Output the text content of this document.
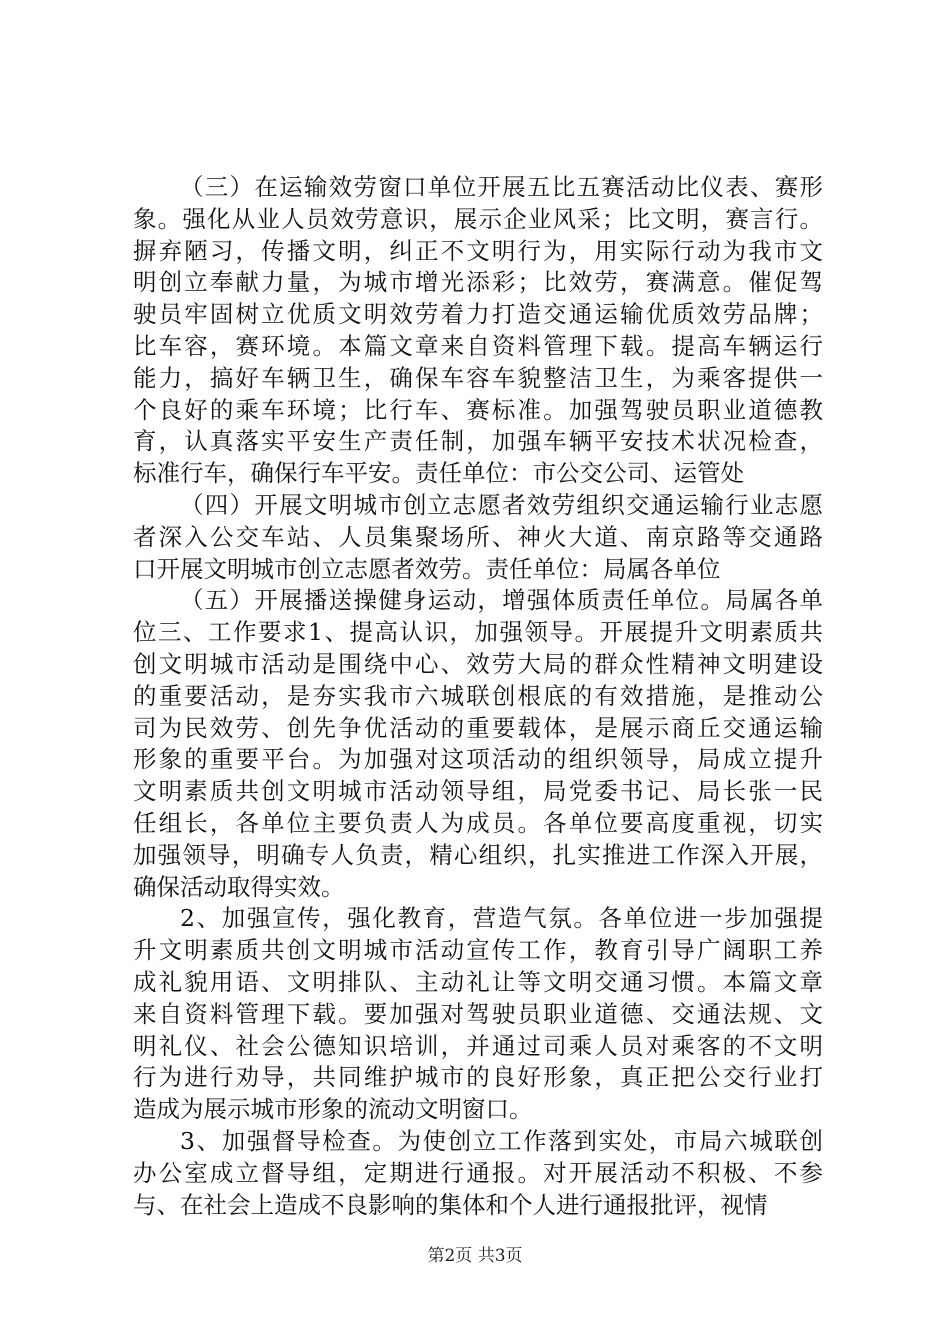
（三）在运输效劳窗口单位开展五比五赛活动比仪表、赛形
象。强化从业人员效劳意识，展示企业风采；比文明，赛言行。
摒弃陋习，传播文明，纠正不文明行为，用实际行动为我市文
明创立奉献力量，为城市增光添彩；比效劳，赛满意。催促驾
驶员牢固树立优质文明效劳着力打造交通运输优质效劳品牌；
比车容，赛环境。本篇文章来自资料管理下载。提高车辆运行
能力，搞好车辆卫生，确保车容车貌整洁卫生，为乘客提供一
个良好的乘车环境；比行车、赛标准。加强驾驶员职业道德教
育，认真落实平安生产责任制，加强车辆平安技术状况检查，
标准行车，确保行车平安。责任单位：市公交公司、运管处
（四）开展文明城市创立志愿者效劳组织交通运输行业志愿
者深入公交车站、人员集聚场所、神火大道、南京路等交通路
口开展文明城市创立志愿者效劳。责任单位：局属各单位
（五）开展播送操健身运动，增强体质责任单位。局属各单
位三、工作要求1、提高认识，加强领导。开展提升文明素质共
创文明城市活动是围绕中心、效劳大局的群众性精神文明建设
的重要活动，是夯实我市六城联创根底的有效措施，是推动公
司为民效劳、创先争优活动的重要载体，是展示商丘交通运输
形象的重要平台。为加强对这项活动的组织领导，局成立提升
文明素质共创文明城市活动领导组，局党委书记、局长张一民
任组长，各单位主要负责人为成员。各单位要高度重视，切实
加强领导，明确专人负责，精心组织，扎实推进工作深入开展，
确保活动取得实效。
2、加强宣传，强化教育，营造气氛。各单位进一步加强提
升文明素质共创文明城市活动宣传工作，教育引导广阔职工养
成礼貌用语、文明排队、主动礼让等文明交通习惯。本篇文章
来自资料管理下载。要加强对驾驶员职业道德、交通法规、文
明礼仪、社会公德知识培训，并通过司乘人员对乘客的不文明
行为进行劝导，共同维护城市的良好形象，真正把公交行业打
造成为展示城市形象的流动文明窗口。
3、加强督导检查。为使创立工作落到实处，市局六城联创
办公室成立督导组，定期进行通报。对开展活动不积极、不参
与、在社会上造成不良影响的集体和个人进行通报批评，视情
第2页 共3页
